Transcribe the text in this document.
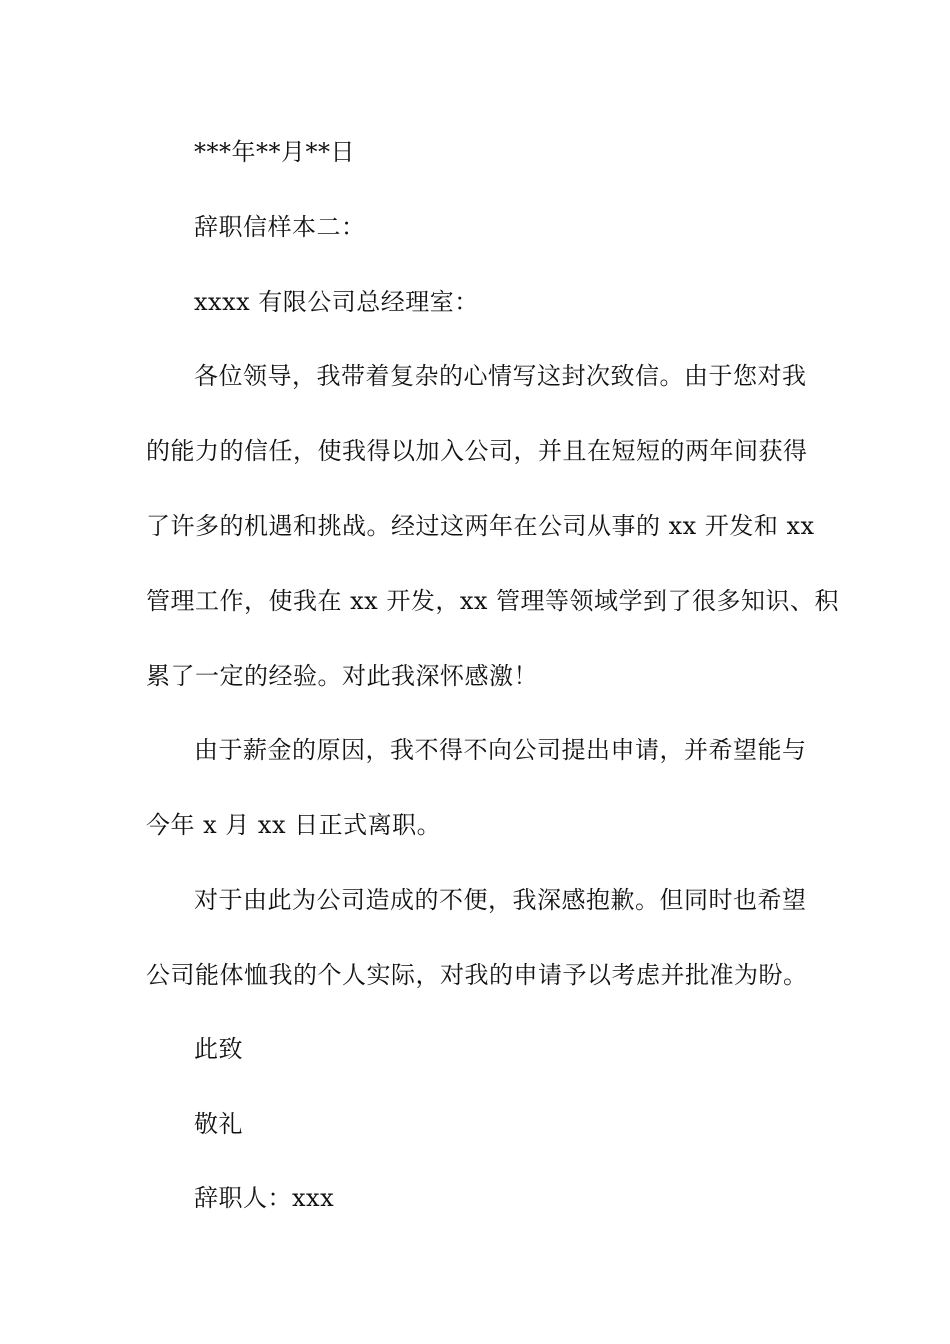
***年**月**日
辞职信样本二：
xxxx 有限公司总经理室：
各位领导，我带着复杂的心情写这封次致信。由于您对我
的能力的信任，使我得以加入公司，并且在短短的两年间获得
了许多的机遇和挑战。经过这两年在公司从事的 xx 开发和 xx
管理工作，使我在 xx 开发，xx 管理等领域学到了很多知识、积
累了一定的经验。对此我深怀感激！
由于薪金的原因，我不得不向公司提出申请，并希望能与
今年 x 月 xx 日正式离职。
对于由此为公司造成的不便，我深感抱歉。但同时也希望
公司能体恤我的个人实际，对我的申请予以考虑并批准为盼。
此致
敬礼
辞职人：xxx
